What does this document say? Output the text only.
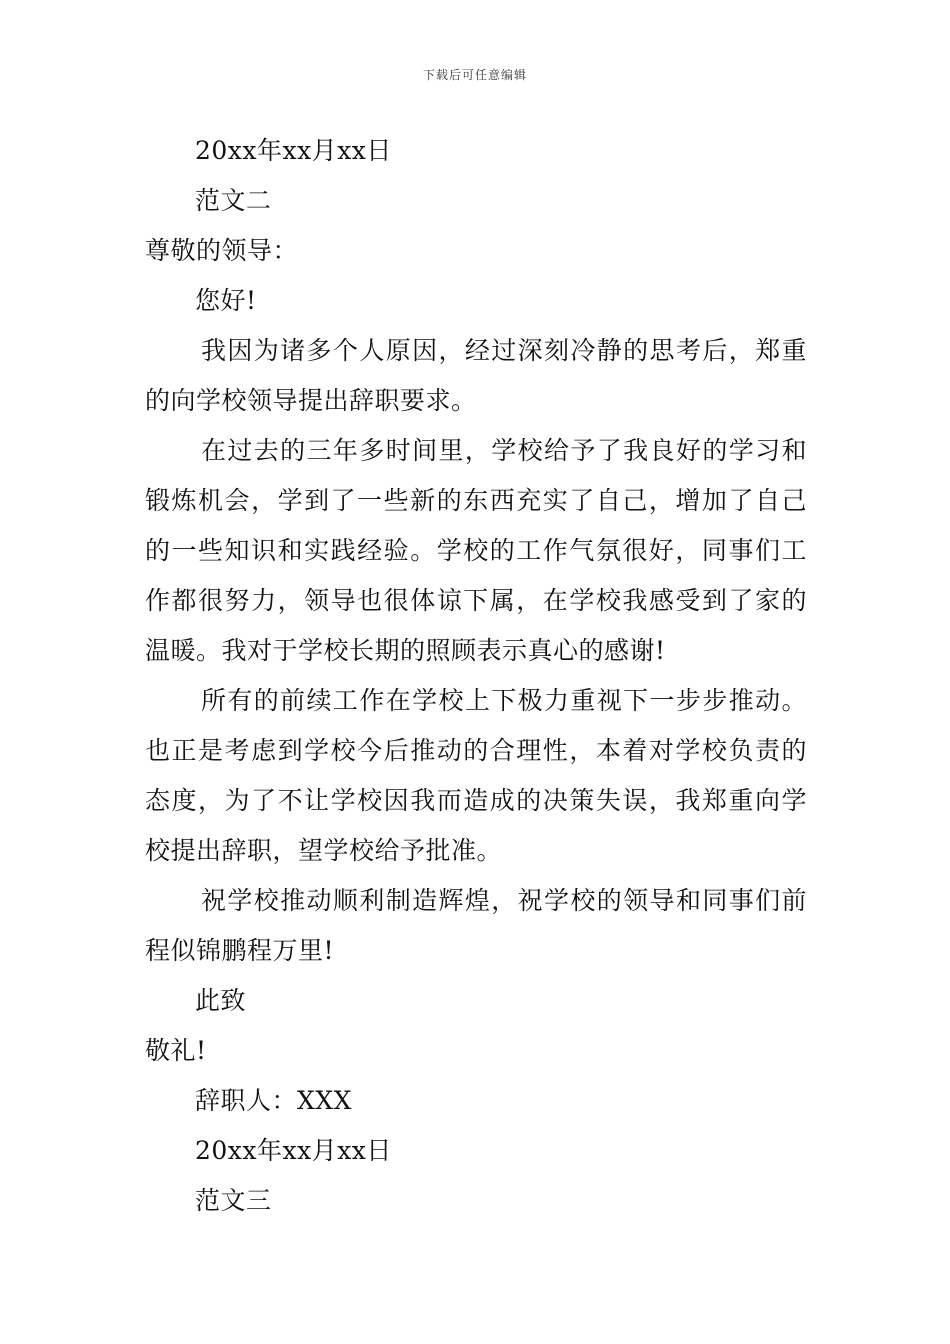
下载后可任意编辑

20xx年xx月xx日

范文二

尊敬的领导：

您好!

我因为诸多个人原因，经过深刻冷静的思考后，郑重的向学校领导提出辞职要求。

在过去的三年多时间里，学校给予了我良好的学习和锻炼机会，学到了一些新的东西充实了自己，增加了自己的一些知识和实践经验。学校的工作气氛很好，同事们工作都很努力，领导也很体谅下属，在学校我感受到了家的温暖。我对于学校长期的照顾表示真心的感谢!

所有的前续工作在学校上下极力重视下一步步推动。也正是考虑到学校今后推动的合理性，本着对学校负责的态度，为了不让学校因我而造成的决策失误，我郑重向学校提出辞职，望学校给予批准。

祝学校推动顺利制造辉煌，祝学校的领导和同事们前程似锦鹏程万里!

此致

敬礼!

辞职人：XXX

20xx年xx月xx日

范文三
